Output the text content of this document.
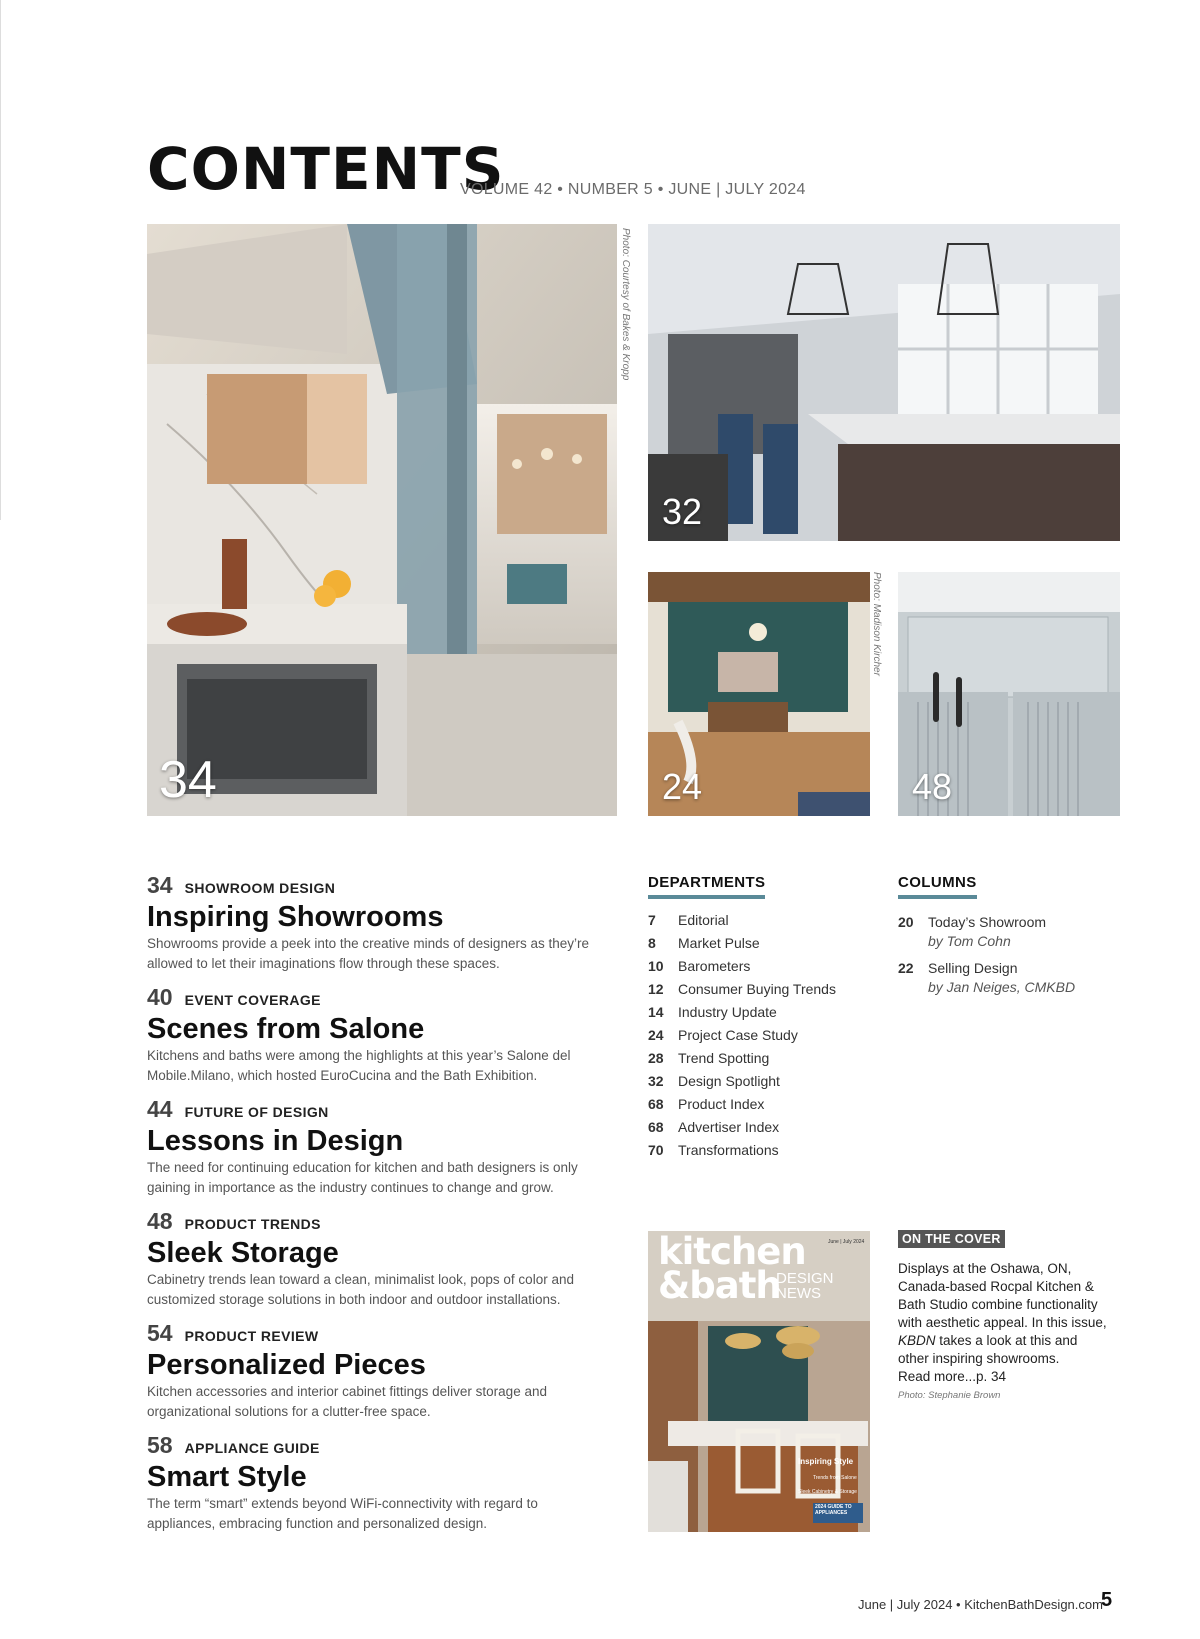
CONTENTS
VOLUME 42 • NUMBER 5 • JUNE | JULY 2024
34
Photo: Courtesy of Bakes & Kropp
32
24
Photo: Madison Kircher
48
34 SHOWROOM DESIGN
Inspiring Showrooms
Showrooms provide a peek into the creative minds of designers as they’re allowed to let their imaginations flow through these spaces.
40 EVENT COVERAGE
Scenes from Salone
Kitchens and baths were among the highlights at this year’s Salone del Mobile.Milano, which hosted EuroCucina and the Bath Exhibition.
44 FUTURE OF DESIGN
Lessons in Design
The need for continuing education for kitchen and bath designers is only gaining in importance as the industry continues to change and grow.
48 PRODUCT TRENDS
Sleek Storage
Cabinetry trends lean toward a clean, minimalist look, pops of color and customized storage solutions in both indoor and outdoor installations.
54 PRODUCT REVIEW
Personalized Pieces
Kitchen accessories and interior cabinet fittings deliver storage and organizational solutions for a clutter-free space.
58 APPLIANCE GUIDE
Smart Style
The term “smart” extends beyond WiFi-connectivity with regard to appliances, embracing function and personalized design.
DEPARTMENTS
7	Editorial
8	Market Pulse
10	Barometers
12	Consumer Buying Trends
14	Industry Update
24	Project Case Study
28	Trend Spotting
32	Design Spotlight
68	Product Index
68	Advertiser Index
70	Transformations
COLUMNS
20 Today’s Showroom
by Tom Cohn
22 Selling Design
by Jan Neiges, CMKBD
kitchen
&bath
DESIGN
NEWS
June | July 2024
Inspiring Style
Trends from Salone
Sleek Cabinetry & Storage
2024 GUIDE TO APPLIANCES
ON THE COVER
Displays at the Oshawa, ON, Canada-based Rocpal Kitchen & Bath Studio combine functionality with aesthetic appeal. In this issue, KBDN takes a look at this and other inspiring showrooms.
Read more...p. 34
Photo: Stephanie Brown
June | July 2024 • KitchenBathDesign.com
5
